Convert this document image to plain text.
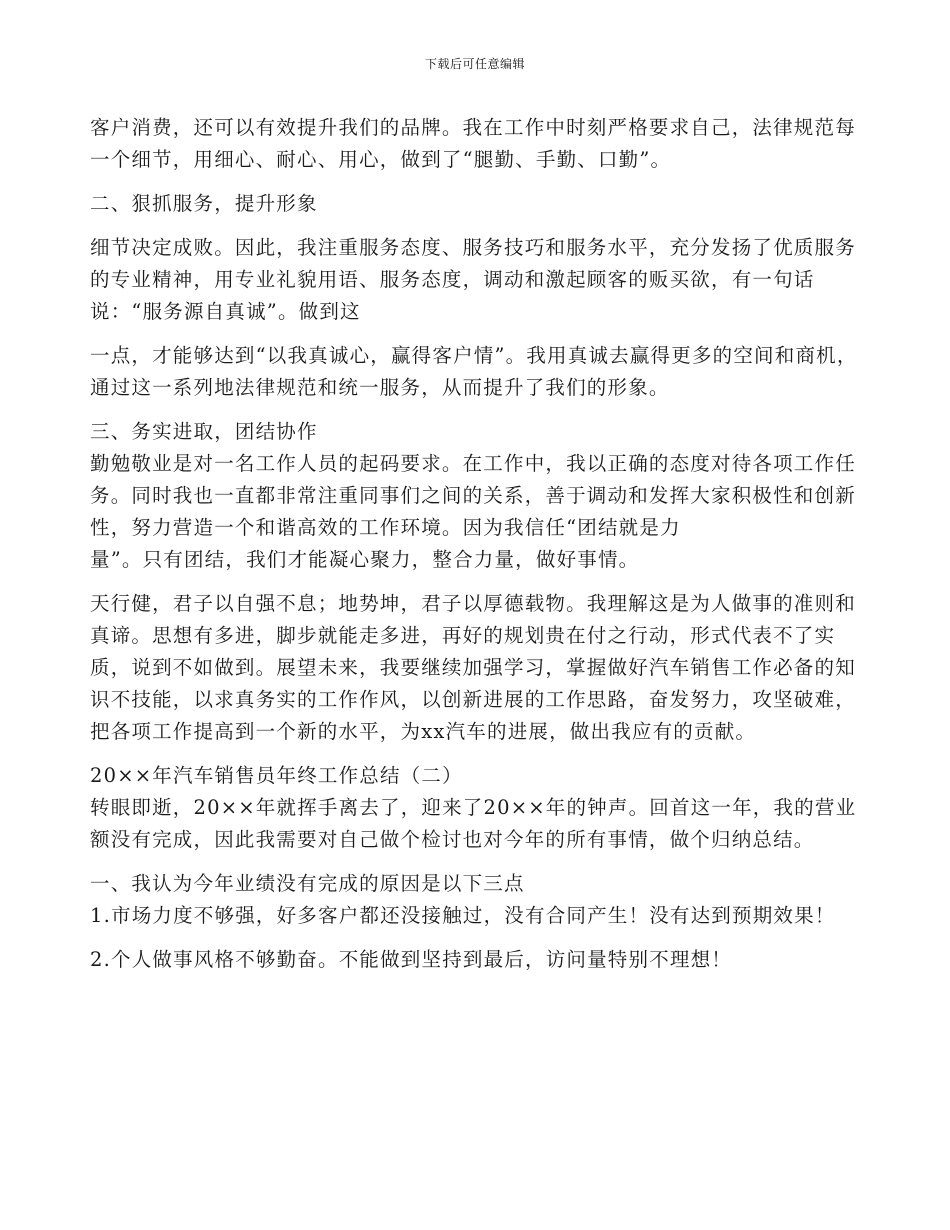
下载后可任意编辑

客户消费，还可以有效提升我们的品牌。我在工作中时刻严格要求自己，法律规范每一个细节，用细心、耐心、用心，做到了“腿勤、手勤、口勤”。

二、狠抓服务，提升形象

细节决定成败。因此，我注重服务态度、服务技巧和服务水平，充分发扬了优质服务的专业精神，用专业礼貌用语、服务态度，调动和激起顾客的贩买欲，有一句话说：“服务源自真诚”。做到这

一点，才能够达到“以我真诚心，赢得客户情”。我用真诚去赢得更多的空间和商机，通过这一系列地法律规范和统一服务，从而提升了我们的形象。

三、务实进取，团结协作

勤勉敬业是对一名工作人员的起码要求。在工作中，我以正确的态度对待各项工作任务。同时我也一直都非常注重同事们之间的关系，善于调动和发挥大家积极性和创新性，努力营造一个和谐高效的工作环境。因为我信任“团结就是力

量”。只有团结，我们才能凝心聚力，整合力量，做好事情。

天行健，君子以自强不息；地势坤，君子以厚德载物。我理解这是为人做事的准则和真谛。思想有多进，脚步就能走多进，再好的规划贵在付之行动，形式代表不了实质，说到不如做到。展望未来，我要继续加强学习，掌握做好汽车销售工作必备的知识不技能，以求真务实的工作作风，以创新进展的工作思路，奋发努力，攻坚破难，把各项工作提高到一个新的水平，为xx汽车的进展，做出我应有的贡献。

20××年汽车销售员年终工作总结（二）

转眼即逝，20××年就挥手离去了，迎来了20××年的钟声。回首这一年，我的营业额没有完成，因此我需要对自己做个检讨也对今年的所有事情，做个归纳总结。

一、我认为今年业绩没有完成的原因是以下三点

1.市场力度不够强，好多客户都还没接触过，没有合同产生！没有达到预期效果！

2.个人做事风格不够勤奋。不能做到坚持到最后，访问量特别不理想！
